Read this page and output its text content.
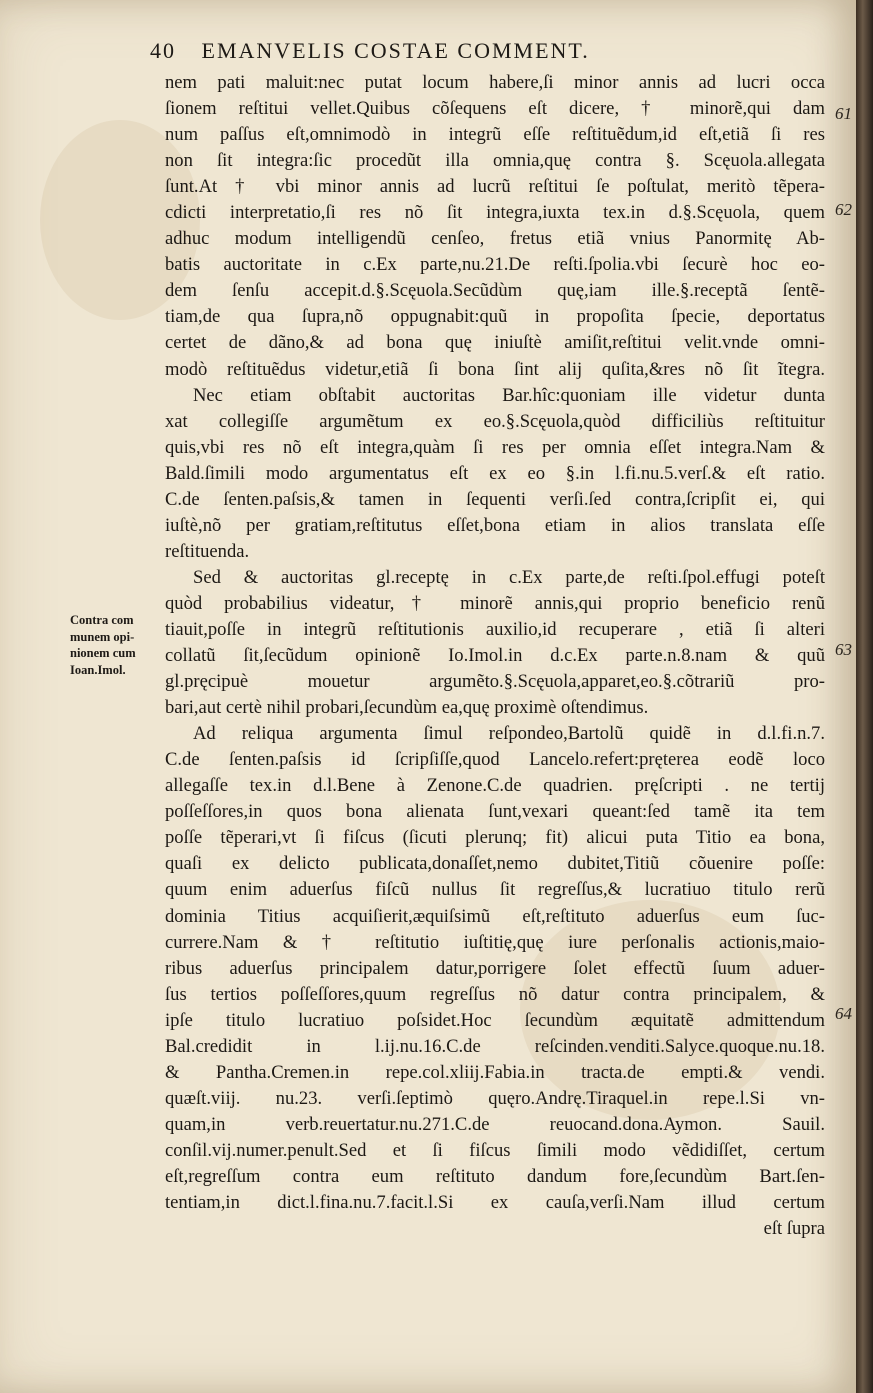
40 EMANVELIS COSTAE COMMENT.
Contra com
munem opi-
nionem cum
Ioan.Imol.
nem pati maluit:nec putat locum habere,ſi minor annis ad lucri occa
ſionem reſtitui vellet.Quibus cõſequens eſt dicere, † minorẽ,qui dam
num paſſus eſt,omnimodò in integrũ eſſe reſtituẽdum,id eſt,etiã ſi res
non ſit integra:ſic procedũt illa omnia,quę contra §. Scęuola.allegata
ſunt.At † vbi minor annis ad lucrũ reſtitui ſe poſtulat, meritò tẽpera-
cdicti interpretatio,ſi res nõ ſit integra,iuxta tex.in d.§.Scęuola, quem
adhuc modum intelligendũ cenſeo, fretus etiã vnius Panormitę Ab-
batis auctoritate in c.Ex parte,nu.21.De reſti.ſpolia.vbi ſecurè hoc eo-
dem ſenſu accepit.d.§.Scęuola.Secũdùm quę,iam ille.§.receptã ſentẽ-
tiam,de qua ſupra,nõ oppugnabit:quũ in propoſita ſpecie, deportatus
certet de dãno,& ad bona quę iniuſtè amiſit,reſtitui velit.vnde omni-
modò reſtituẽdus videtur,etiã ſi bona ſint alij quſita,&res nõ ſit ĩtegra.
Nec etiam obſtabit auctoritas Bar.hîc:quoniam ille videtur dunta
xat collegiſſe argumẽtum ex eo.§.Scęuola,quòd difficiliùs reſtituitur
quis,vbi res nõ eſt integra,quàm ſi res per omnia eſſet integra.Nam &
Bald.ſimili modo argumentatus eſt ex eo §.in l.fi.nu.5.verſ.& eſt ratio.
C.de ſenten.paſsis,& tamen in ſequenti verſi.ſed contra,ſcripſit ei, qui
iuſtè,nõ per gratiam,reſtitutus eſſet,bona etiam in alios translata eſſe
reſtituenda.
Sed & auctoritas gl.receptę in c.Ex parte,de reſti.ſpol.effugi poteſt
quòd probabilius videatur,† minorẽ annis,qui proprio beneficio renũ
tiauit,poſſe in integrũ reſtitutionis auxilio,id recuperare , etiã ſi alteri
collatũ ſit,ſecũdum opinionẽ Io.Imol.in d.c.Ex parte.n.8.nam & quũ
gl.pręcipuè mouetur argumẽto.§.Scęuola,apparet,eo.§.cõtrariũ pro-
bari,aut certè nihil probari,ſecundùm ea,quę proximè oſtendimus.
Ad reliqua argumenta ſimul reſpondeo,Bartolũ quidẽ in d.l.fi.n.7.
C.de ſenten.paſsis id ſcripſiſſe,quod Lancelo.refert:pręterea eodẽ loco
allegaſſe tex.in d.l.Bene à Zenone.C.de quadrien. pręſcripti . ne tertij
poſſeſſores,in quos bona alienata ſunt,vexari queant:ſed tamẽ ita tem
poſſe tẽperari,vt ſi fiſcus (ſicuti plerunq; fit) alicui puta Titio ea bona,
quaſi ex delicto publicata,donaſſet,nemo dubitet,Titiũ cõuenire poſſe:
quum enim aduerſus fiſcũ nullus ſit regreſſus,& lucratiuo titulo rerũ
dominia Titius acquiſierit,æquiſsimũ eſt,reſtituto aduerſus eum ſuc-
currere.Nam & † reſtitutio iuſtitię,quę iure perſonalis actionis,maio-
ribus aduerſus principalem datur,porrigere ſolet effectũ ſuum aduer-
ſus tertios poſſeſſores,quum regreſſus nõ datur contra principalem, &
ipſe titulo lucratiuo poſsidet.Hoc ſecundùm æquitatẽ admittendum
Bal.credidit in l.ij.nu.16.C.de reſcinden.venditi.Salyce.quoque.nu.18.
& Pantha.Cremen.in repe.col.xliij.Fabia.in tracta.de empti.& vendi.
quæſt.viij. nu.23. verſi.ſeptimò quęro.Andrę.Tiraquel.in repe.l.Si vn-
quam,in verb.reuertatur.nu.271.C.de reuocand.dona.Aymon. Sauil.
conſil.vij.numer.penult.Sed et ſi fiſcus ſimili modo vẽdidiſſet, certum
eſt,regreſſum contra eum reſtituto dandum fore,ſecundùm Bart.ſen-
tentiam,in dict.l.fina.nu.7.facit.l.Si ex cauſa,verſi.Nam illud certum
eſt ſupra
61
62
63
64
